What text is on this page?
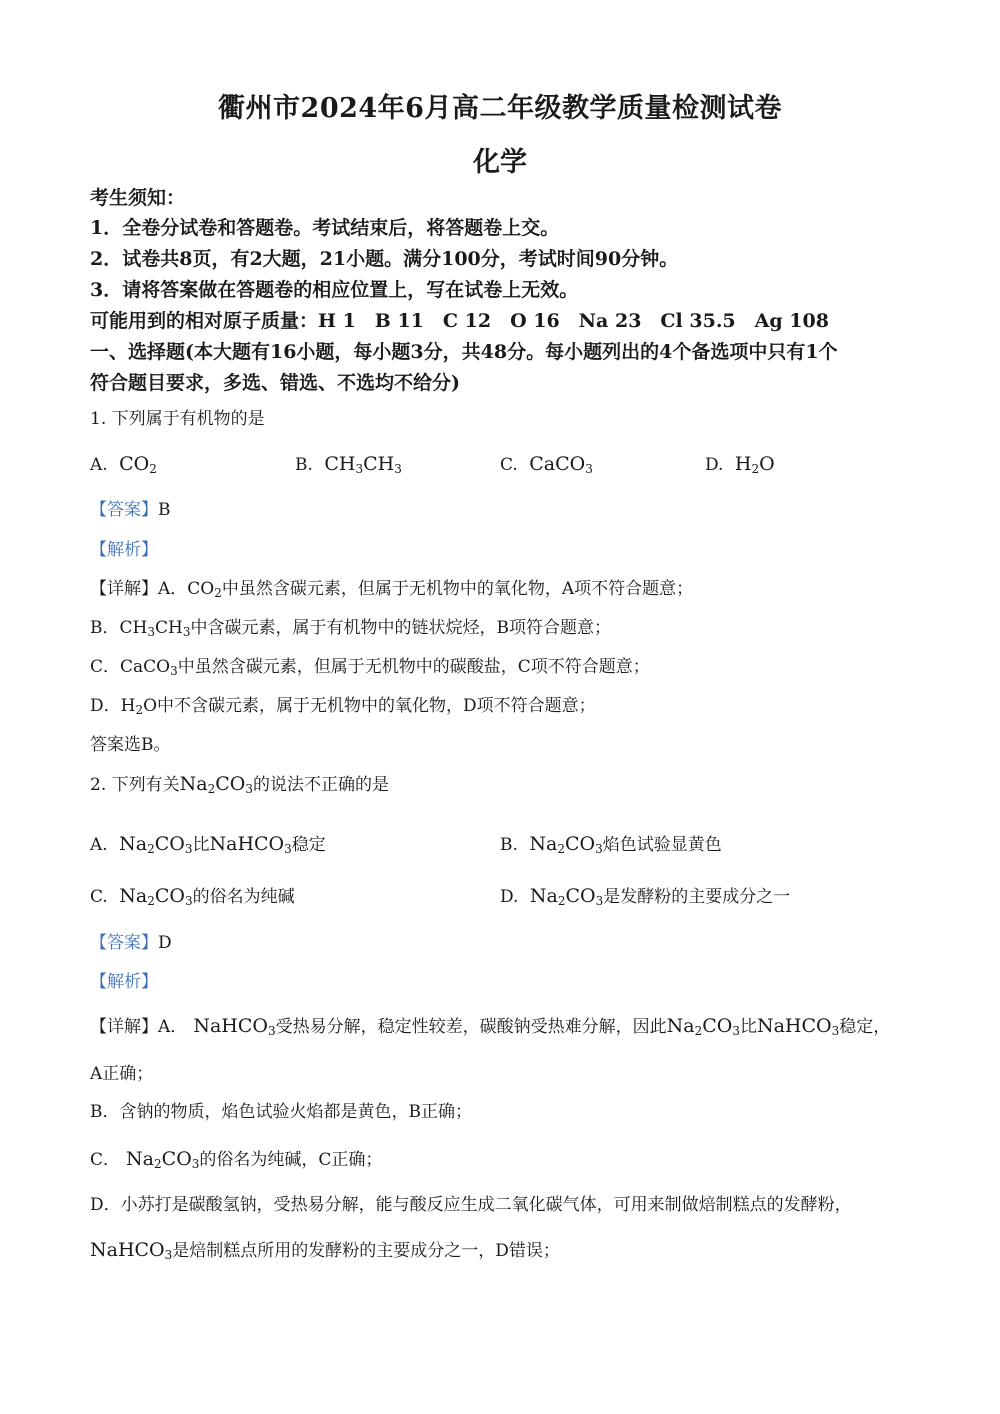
衢州市2024年6月高二年级教学质量检测试卷
化学
考生须知：
1．全卷分试卷和答题卷。考试结束后，将答题卷上交。
2．试卷共8页，有2大题，21小题。满分100分，考试时间90分钟。
3．请将答案做在答题卷的相应位置上，写在试卷上无效。
可能用到的相对原子质量：H 1　B 11　C 12　O 16　Na 23　Cl 35.5　Ag 108
一、选择题(本大题有16小题，每小题3分，共48分。每小题列出的4个备选项中只有1个
符合题目要求，多选、错选、不选均不给分)
1. 下列属于有机物的是
A.  $CO_2$	B.  $CH_3CH_3$	C.  CaCO$_3$	D.  $H_2O$
【答案】B
【解析】
【详解】A．$CO_2$中虽然含碳元素，但属于无机物中的氧化物，A项不符合题意；
B．$CH_3CH_3$中含碳元素，属于有机物中的链状烷烃，B项符合题意；
C．CaCO$_3$中虽然含碳元素，但属于无机物中的碳酸盐，C项不符合题意；
D．$H_2O$中不含碳元素，属于无机物中的氧化物，D项不符合题意；
答案选B。
2. 下列有关$Na_2CO_3$的说法不正确的是
A.  $Na_2CO_3$比NaHCO$_3$稳定	B.  $Na_2CO_3$焰色试验显黄色
C.  $Na_2CO_3$的俗名为纯碱	D.  $Na_2CO_3$是发酵粉的主要成分之一
【答案】D
【解析】
【详解】A． NaHCO$_3$受热易分解，稳定性较差，碳酸钠受热难分解，因此$Na_2CO_3$比NaHCO$_3$稳定，
A正确；
B．含钠的物质，焰色试验火焰都是黄色，B正确；
C． $Na_2CO_3$的俗名为纯碱，C正确；
D．小苏打是碳酸氢钠，受热易分解，能与酸反应生成二氧化碳气体，可用来制做焙制糕点的发酵粉，
NaHCO$_3$是焙制糕点所用的发酵粉的主要成分之一，D错误；
